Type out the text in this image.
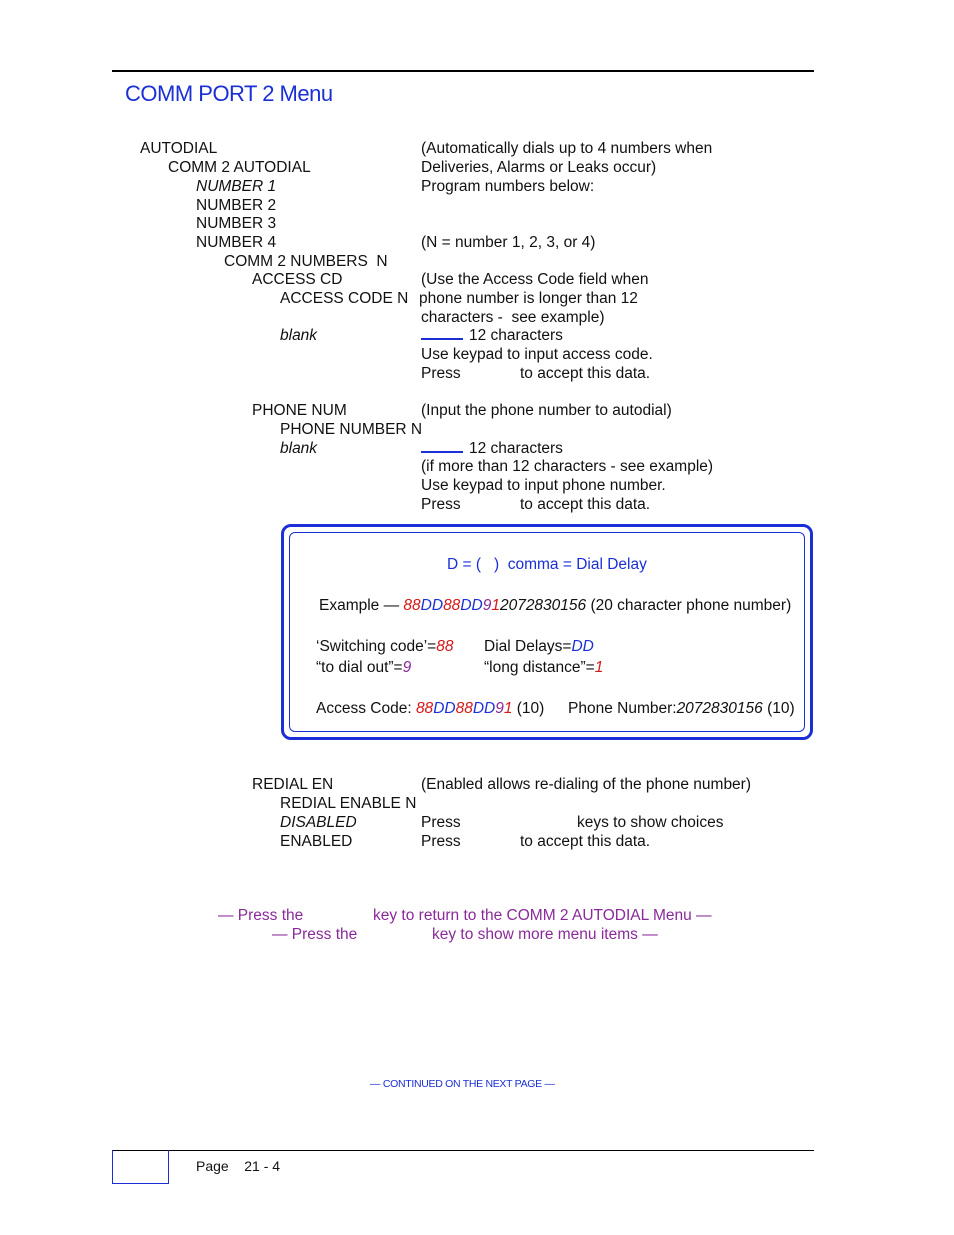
COMM PORT 2 Menu
AUTODIAL	(Automatically dials up to 4 numbers when
COMM 2 AUTODIAL	Deliveries, Alarms or Leaks occur)
NUMBER 1	Program numbers below:
NUMBER 2
NUMBER 3
NUMBER 4	(N = number 1, 2, 3, or 4)
COMM 2 NUMBERS  N
ACCESS CD	(Use the Access Code field when
ACCESS CODE N phone number is longer than 12
characters -  see example)
blank	12 characters
Use keypad to input access code.
Press	to accept this data.
PHONE NUM	(Input the phone number to autodial)
PHONE NUMBER N
blank	12 characters
(if more than 12 characters - see example)
Use keypad to input phone number.
Press	to accept this data.
D = (   ) comma = Dial Delay
Example — 88DD88DD912072830156 (20 character phone number)
‘Switching code’=88 Dial Delays=DD
“to dial out”=9	“long distance”=1
Access Code: 88DD88DD91 (10) Phone Number:2072830156 (10)
REDIAL EN	(Enabled allows re-dialing of the phone number)
REDIAL ENABLE N
DISABLED	Press	keys to show choices
ENABLED	Press	to accept this data.
— Press the	key to return to the COMM 2 AUTODIAL Menu —
— Press the	key to show more menu items —
— CONTINUED ON THE NEXT PAGE —
Page 21 - 4
